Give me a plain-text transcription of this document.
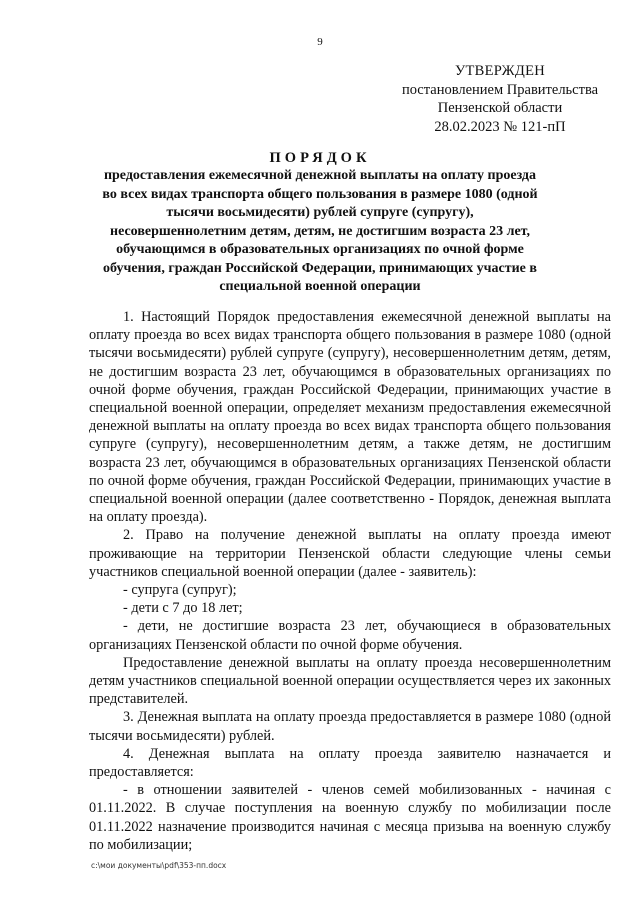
9
УТВЕРЖДЕН
постановлением Правительства
Пензенской области
28.02.2023 № 121-пП
ПОРЯДОК
предоставления ежемесячной денежной выплаты на оплату проезда во всех видах транспорта общего пользования в размере 1080 (одной тысячи восьмидесяти) рублей супруге (супругу), несовершеннолетним детям, детям, не достигшим возраста 23 лет, обучающимся в образовательных организациях по очной форме обучения, граждан Российской Федерации, принимающих участие в специальной военной операции

1. Настоящий Порядок предоставления ежемесячной денежной выплаты на оплату проезда во всех видах транспорта общего пользования в размере 1080 (одной тысячи восьмидесяти) рублей супруге (супругу), несовершеннолетним детям, детям, не достигшим возраста 23 лет, обучающимся в образовательных организациях по очной форме обучения, граждан Российской Федерации, принимающих участие в специальной военной операции, определяет механизм предоставления ежемесячной денежной выплаты на оплату проезда во всех видах транспорта общего пользования супруге (супругу), несовершеннолетним детям, а также детям, не достигшим возраста 23 лет, обучающимся в образовательных организациях Пензенской области по очной форме обучения, граждан Российской Федерации, принимающих участие в специальной военной операции (далее соответственно - Порядок, денежная выплата на оплату проезда).

2. Право на получение денежной выплаты на оплату проезда имеют проживающие на территории Пензенской области следующие члены семьи участников специальной военной операции (далее - заявитель):

- супруга (супруг);

- дети с 7 до 18 лет;

- дети, не достигшие возраста 23 лет, обучающиеся в образовательных организациях Пензенской области по очной форме обучения.

Предоставление денежной выплаты на оплату проезда несовершеннолетним детям участников специальной военной операции осуществляется через их законных представителей.

3. Денежная выплата на оплату проезда предоставляется в размере 1080 (одной тысячи восьмидесяти) рублей.

4. Денежная выплата на оплату проезда заявителю назначается и предоставляется:

- в отношении заявителей - членов семей мобилизованных - начиная с 01.11.2022. В случае поступления на военную службу по мобилизации после 01.11.2022 назначение производится начиная с месяца призыва на военную службу по мобилизации;

c:\мои документы\pdf\353-пп.docx
